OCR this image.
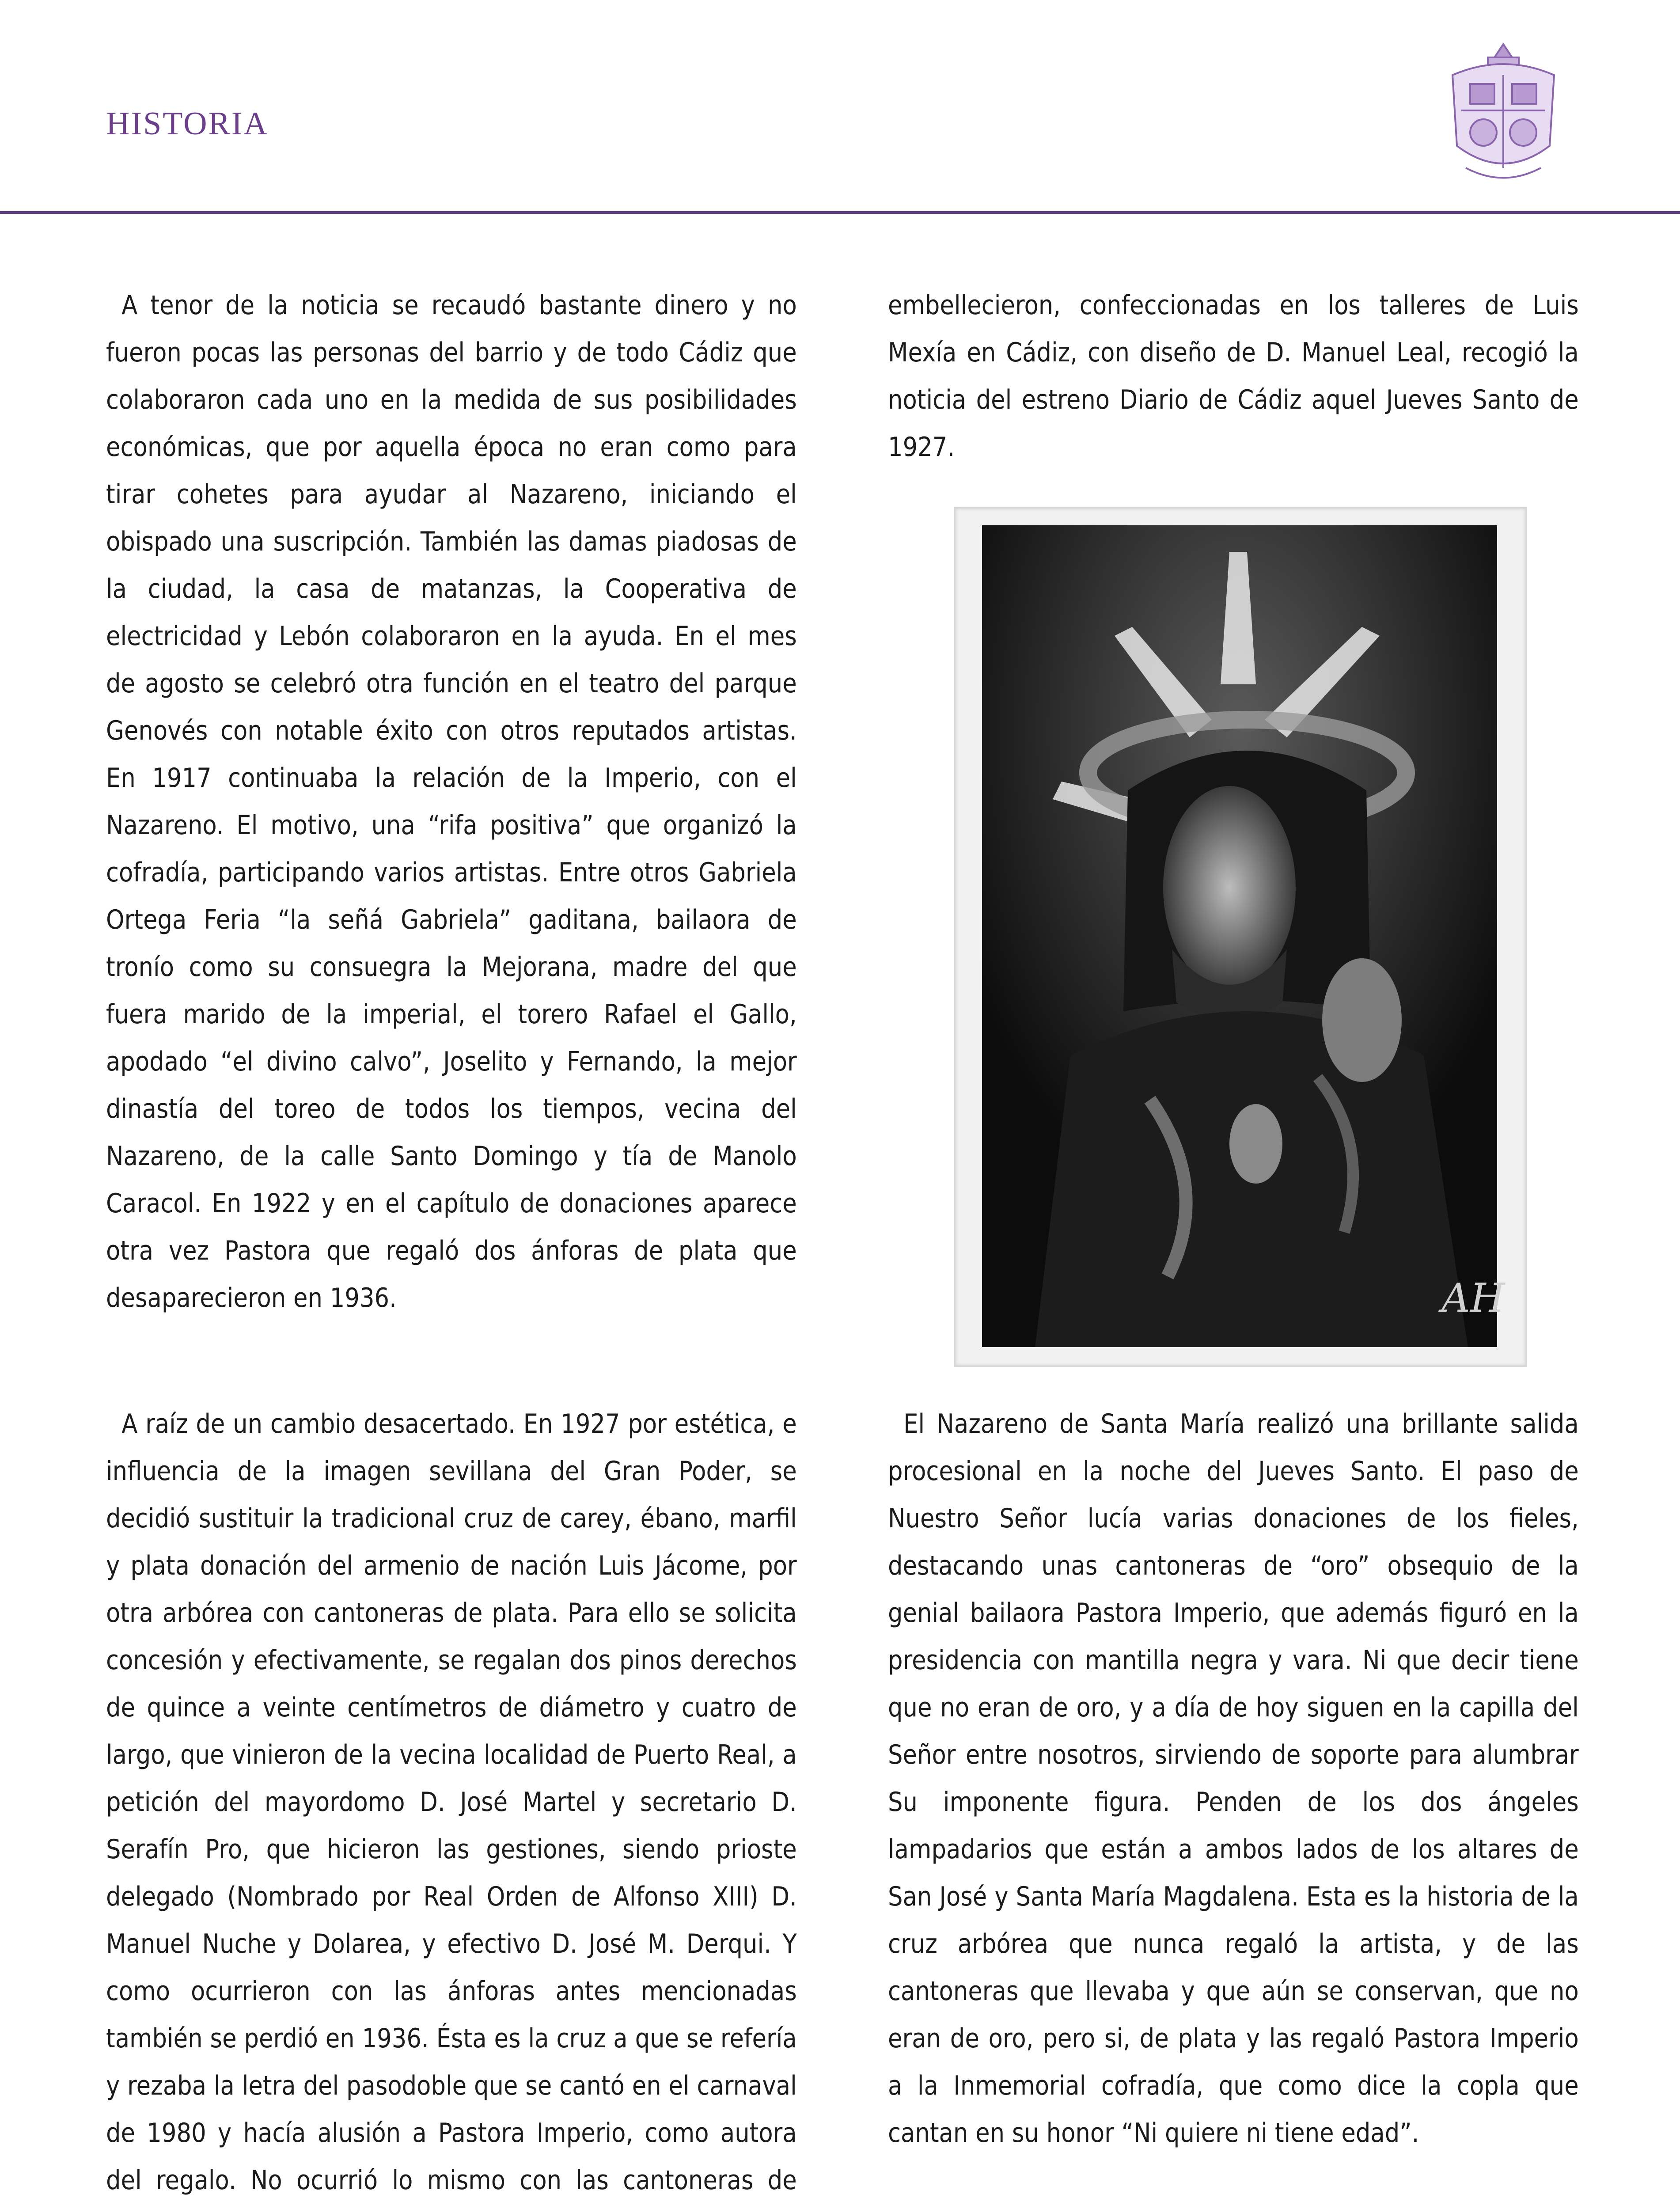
HISTORIA

A tenor de la noticia se recaudó bastante dinero y no fueron pocas las personas del barrio y de todo Cádiz que colaboraron cada uno en la medida de sus posibilidades económicas, que por aquella época no eran como para tirar cohetes para ayudar al Nazareno, iniciando el obispado una suscripción. También las damas piadosas de la ciudad, la casa de matanzas, la Cooperativa de electricidad y Lebón colaboraron en la ayuda. En el mes de agosto se celebró otra función en el teatro del parque Genovés con notable éxito con otros reputados artistas. En 1917 continuaba la relación de la Imperio, con el Nazareno. El motivo, una “rifa positiva” que organizó la cofradía, participando varios artistas. Entre otros Gabriela Ortega Feria “la señá Gabriela” gaditana, bailaora de tronío como su consuegra la Mejorana, madre del que fuera marido de la imperial, el torero Rafael el Gallo, apodado “el divino calvo”, Joselito y Fernando, la mejor dinastía del toreo de todos los tiempos, vecina del Nazareno, de la calle Santo Domingo y tía de Manolo Caracol. En 1922 y en el capítulo de donaciones aparece otra vez Pastora que regaló dos ánforas de plata que desaparecieron en 1936.

A raíz de un cambio desacertado. En 1927 por estética, e influencia de la imagen sevillana del Gran Poder, se decidió sustituir la tradicional cruz de carey, ébano, marfil y plata donación del armenio de nación Luis Jácome, por otra arbórea con cantoneras de plata. Para ello se solicita concesión y efectivamente, se regalan dos pinos derechos de quince a veinte centímetros de diámetro y cuatro de largo, que vinieron de la vecina localidad de Puerto Real, a petición del mayordomo D. José Martel y secretario D. Serafín Pro, que hicieron las gestiones, siendo prioste delegado (Nombrado por Real Orden de Alfonso XIII) D. Manuel Nuche y Dolarea, y efectivo D. José M. Derqui. Y como ocurrieron con las ánforas antes mencionadas también se perdió en 1936. Ésta es la cruz a que se refería y rezaba la letra del pasodoble que se cantó en el carnaval de 1980 y hacía alusión a Pastora Imperio, como autora del regalo. No ocurrió lo mismo con las cantoneras de

embellecieron, confeccionadas en los talleres de Luis Mexía en Cádiz, con diseño de D. Manuel Leal, recogió la noticia del estreno Diario de Cádiz aquel Jueves Santo de 1927.

AH

El Nazareno de Santa María realizó una brillante salida procesional en la noche del Jueves Santo. El paso de Nuestro Señor lucía varias donaciones de los fieles, destacando unas cantoneras de “oro” obsequio de la genial bailaora Pastora Imperio, que además figuró en la presidencia con mantilla negra y vara. Ni que decir tiene que no eran de oro, y a día de hoy siguen en la capilla del Señor entre nosotros, sirviendo de soporte para alumbrar Su imponente figura. Penden de los dos ángeles lampadarios que están a ambos lados de los altares de San José y Santa María Magdalena. Esta es la historia de la cruz arbórea que nunca regaló la artista, y de las cantoneras que llevaba y que aún se conservan, que no eran de oro, pero si, de plata y las regaló Pastora Imperio a la Inmemorial cofradía, que como dice la copla que cantan en su honor “Ni quiere ni tiene edad”.
